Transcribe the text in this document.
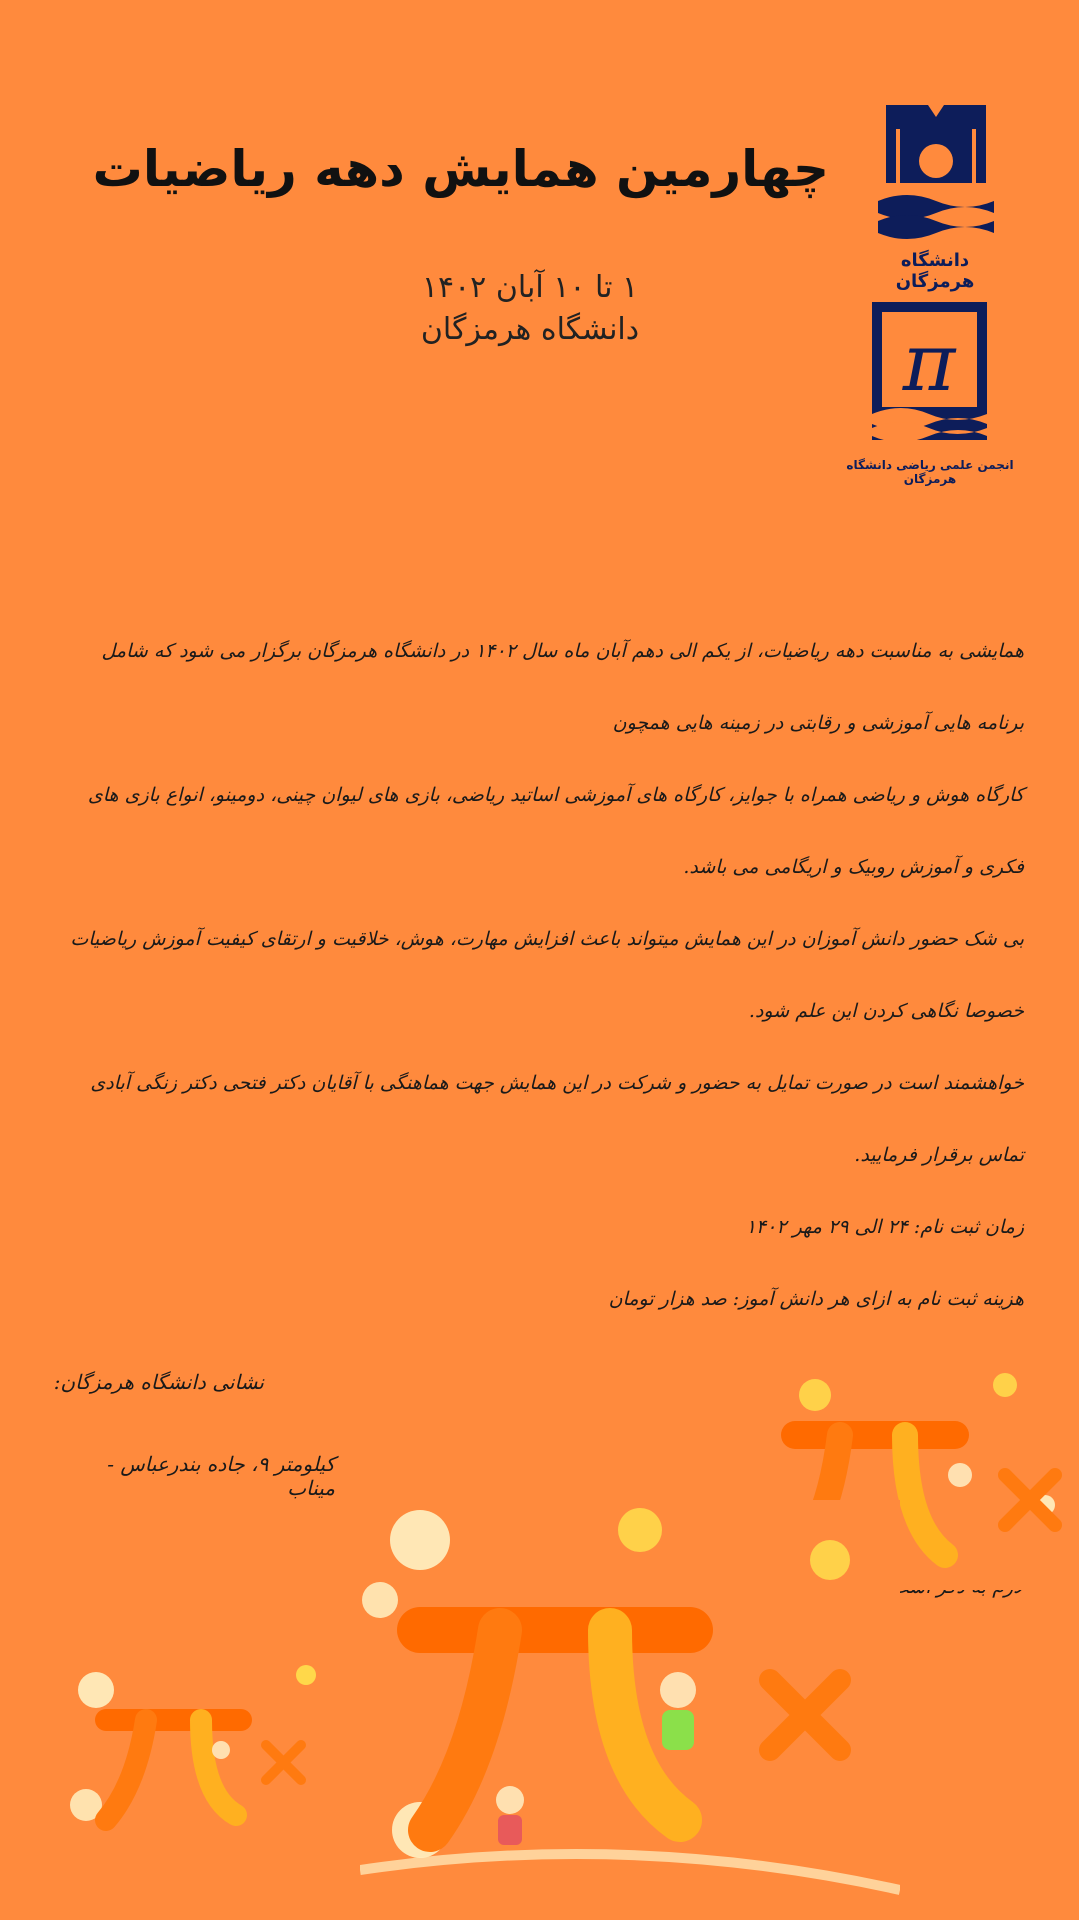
چهارمین همایش دهه ریاضیات
۱ تا ۱۰ آبان ۱۴۰۲
دانشگاه هرمزگان
دانشگاه هرمزگان
π
انجمن علمی ریاضی دانشگاه هرمزگان

همایشی به مناسبت دهه ریاضیات، از یکم الی دهم آبان ماه سال ۱۴۰۲ در دانشگاه هرمزگان برگزار می شود که شامل برنامه هایی آموزشی و رقابتی در زمینه هایی همچون

کارگاه هوش و ریاضی همراه با جوایز، کارگاه های آموزشی اساتید ریاضی، بازی های لیوان چینی، دومینو، انواع بازی های فکری و آموزش روبیک و اریگامی می باشد.

بی شک حضور دانش آموزان در این همایش میتواند باعث افزایش مهارت، هوش، خلاقیت و ارتقای کیفیت آموزش ریاضیات خصوصا نگاهی کردن این علم شود.

خواهشمند است در صورت تمایل به حضور و شرکت در این همایش جهت هماهنگی با آقایان دکتر فتحی دکتر زنگی آبادی تماس برقرار فرمایید.

زمان ثبت نام: ۲۴ الی ۲۹ مهر ۱۴۰۲

هزینه ثبت نام به ازای هر دانش آموز: صد هزار تومان

نشانی دانشگاه هرمزگان:
کیلومتر ۹، جاده بندرعباس - میناب
